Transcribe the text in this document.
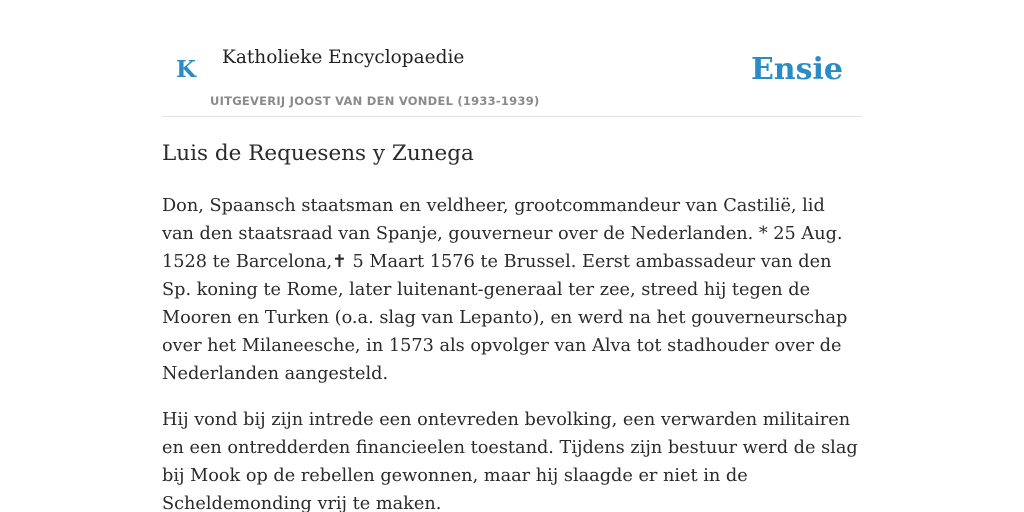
K Katholieke Encyclopaedie
UITGEVERIJ JOOST VAN DEN VONDEL (1933-1939)
Ensie
Luis de Requesens y Zunega

Don, Spaansch staatsman en veldheer, grootcommandeur van Castilië, lid van den staatsraad van Spanje, gouverneur over de Nederlanden. * 25 Aug. 1528 te Barcelona,✝ 5 Maart 1576 te Brussel. Eerst ambassadeur van den Sp. koning te Rome, later luitenant-generaal ter zee, streed hij tegen de Mooren en Turken (o.a. slag van Lepanto), en werd na het gouverneurschap over het Milaneesche, in 1573 als opvolger van Alva tot stadhouder over de Nederlanden aangesteld.

Hij vond bij zijn intrede een ontevreden bevolking, een verwarden militairen en een ontredderden financieelen toestand. Tijdens zijn bestuur werd de slag bij Mook op de rebellen gewonnen, maar hij slaagde er niet in de Scheldemonding vrij te maken.
